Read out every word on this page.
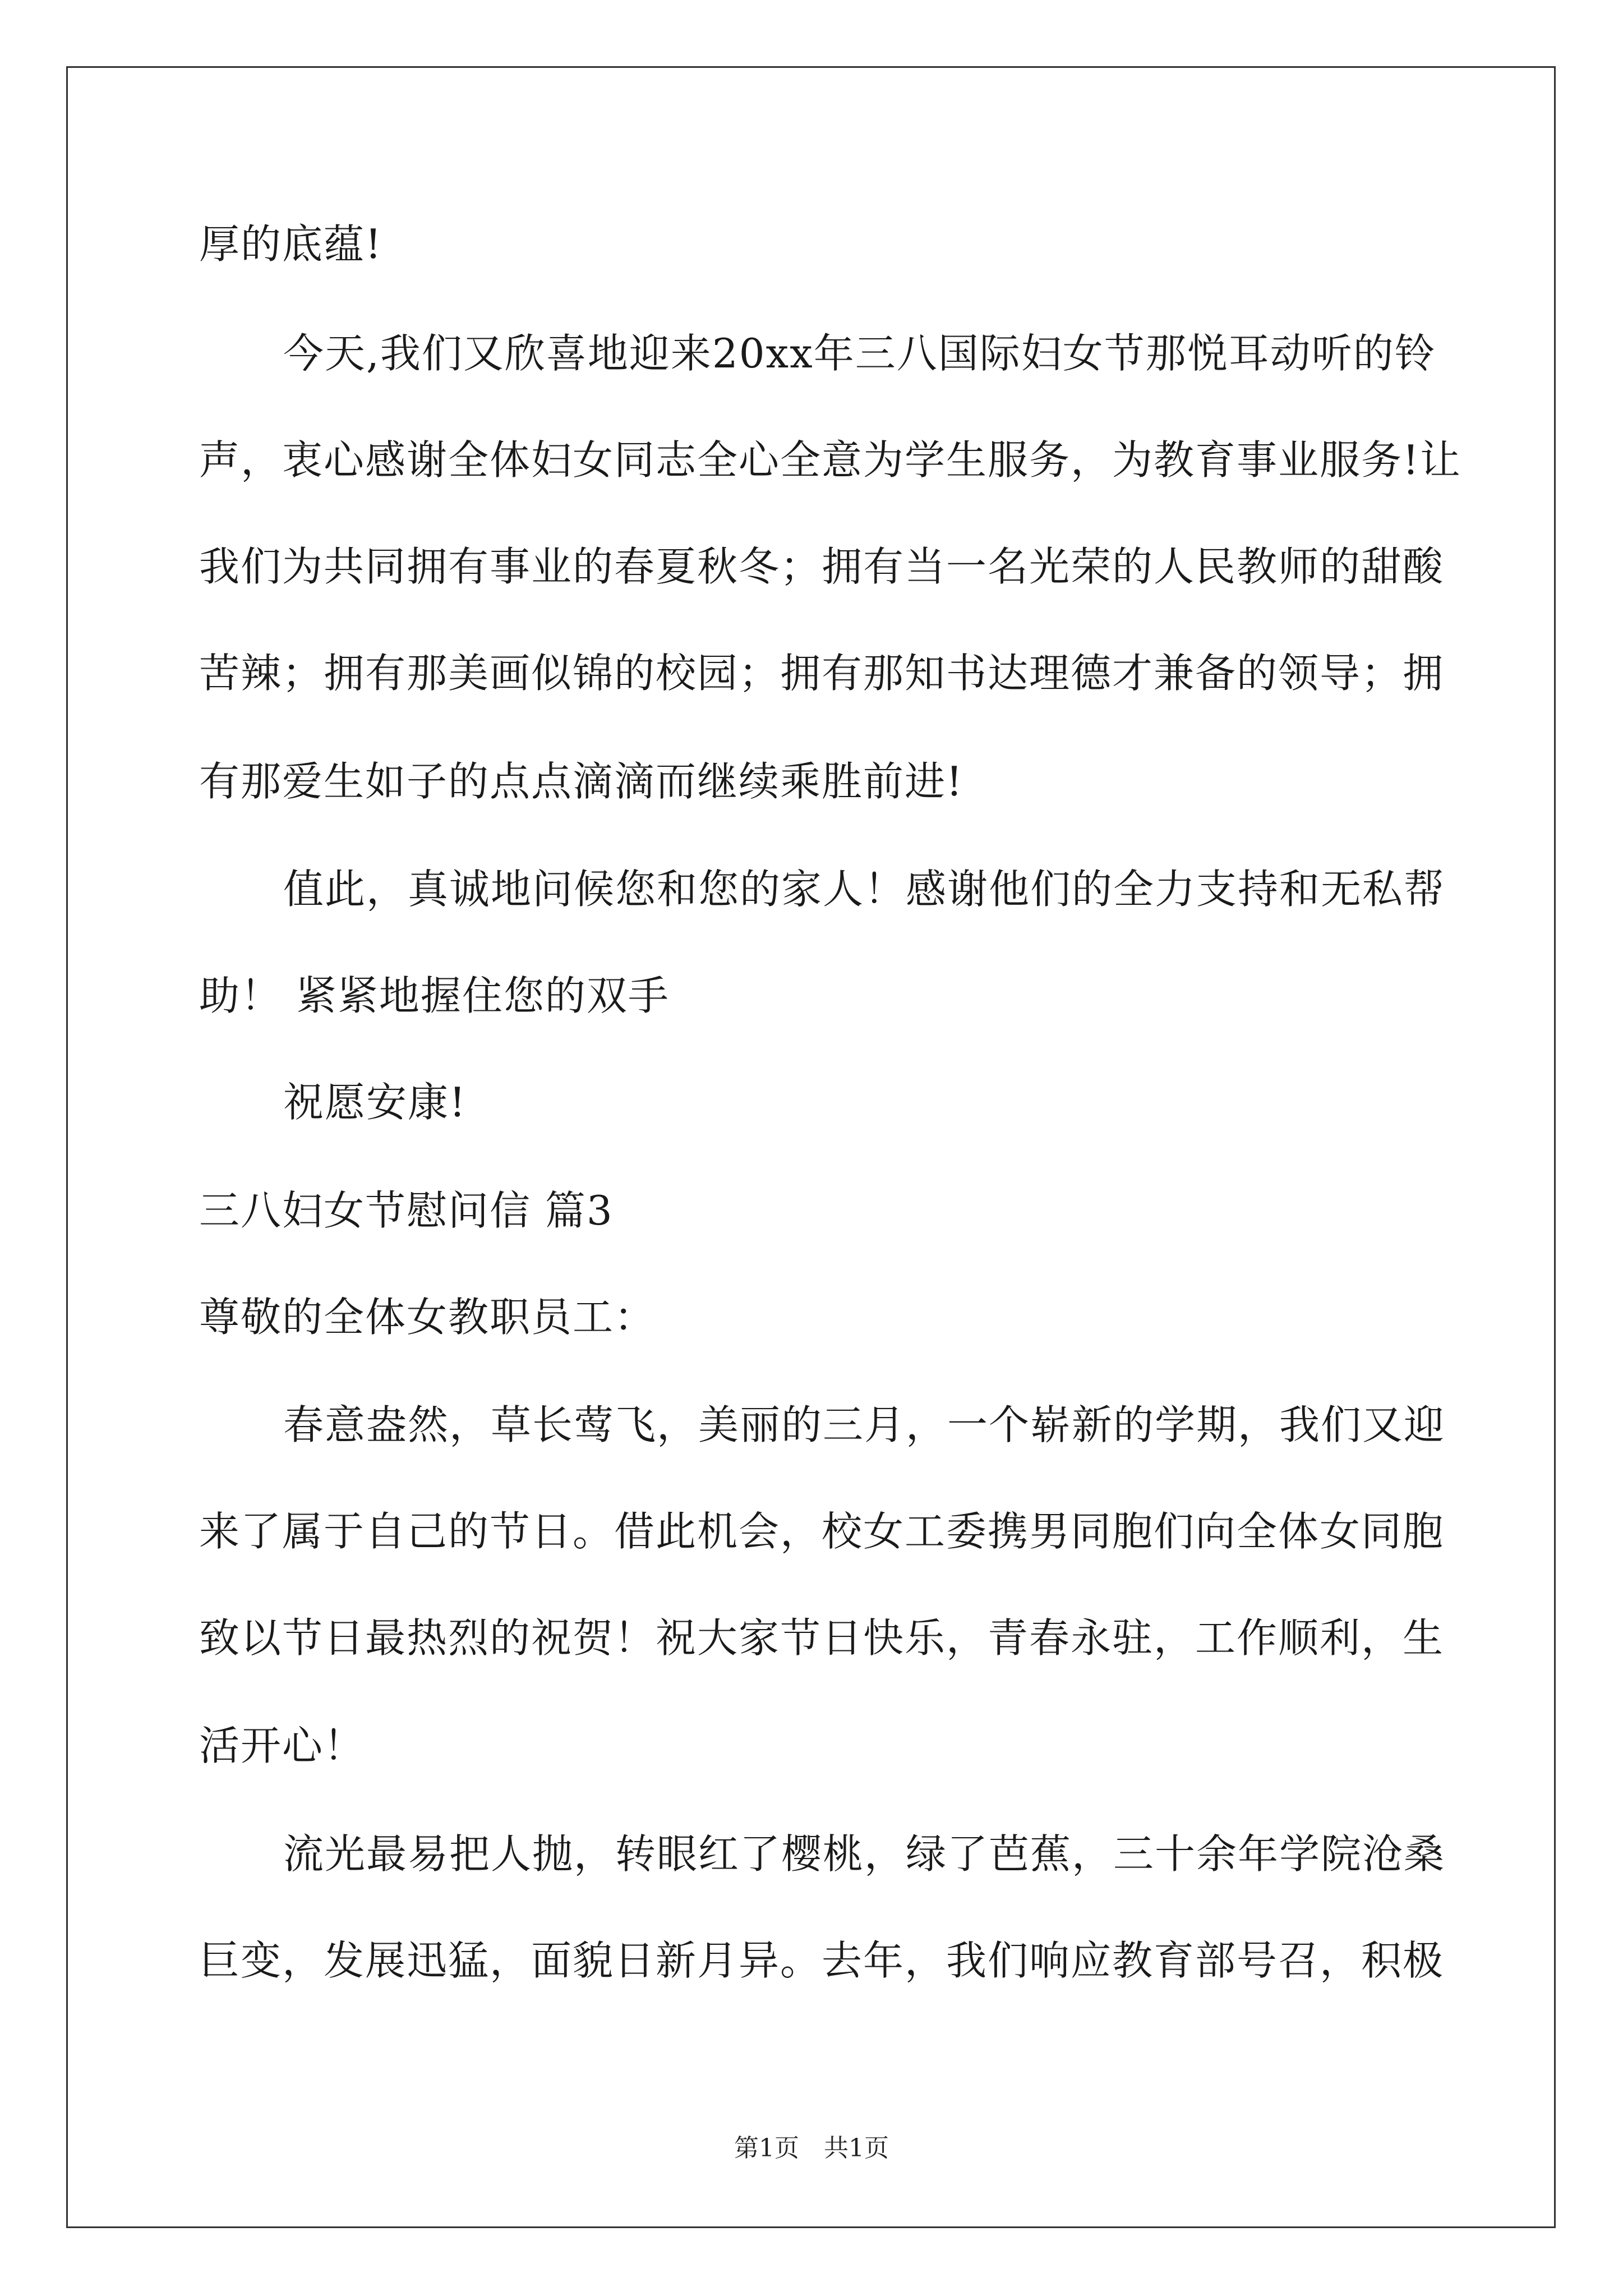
厚的底蕴!
今天,我们又欣喜地迎来20xx年三八国际妇女节那悦耳动听的铃
声，衷心感谢全体妇女同志全心全意为学生服务，为教育事业服务!让
我们为共同拥有事业的春夏秋冬；拥有当一名光荣的人民教师的甜酸
苦辣；拥有那美画似锦的校园；拥有那知书达理德才兼备的领导；拥
有那爱生如子的点点滴滴而继续乘胜前进!
值此，真诚地问候您和您的家人！感谢他们的全力支持和无私帮
助！ 紧紧地握住您的双手
祝愿安康!
三八妇女节慰问信 篇3
尊敬的全体女教职员工：
春意盎然，草长莺飞，美丽的三月，一个崭新的学期，我们又迎
来了属于自己的节日。借此机会，校女工委携男同胞们向全体女同胞
致以节日最热烈的祝贺！祝大家节日快乐，青春永驻，工作顺利，生
活开心！
流光最易把人抛，转眼红了樱桃，绿了芭蕉，三十余年学院沧桑
巨变，发展迅猛，面貌日新月异。去年，我们响应教育部号召，积极
第1页　共1页
